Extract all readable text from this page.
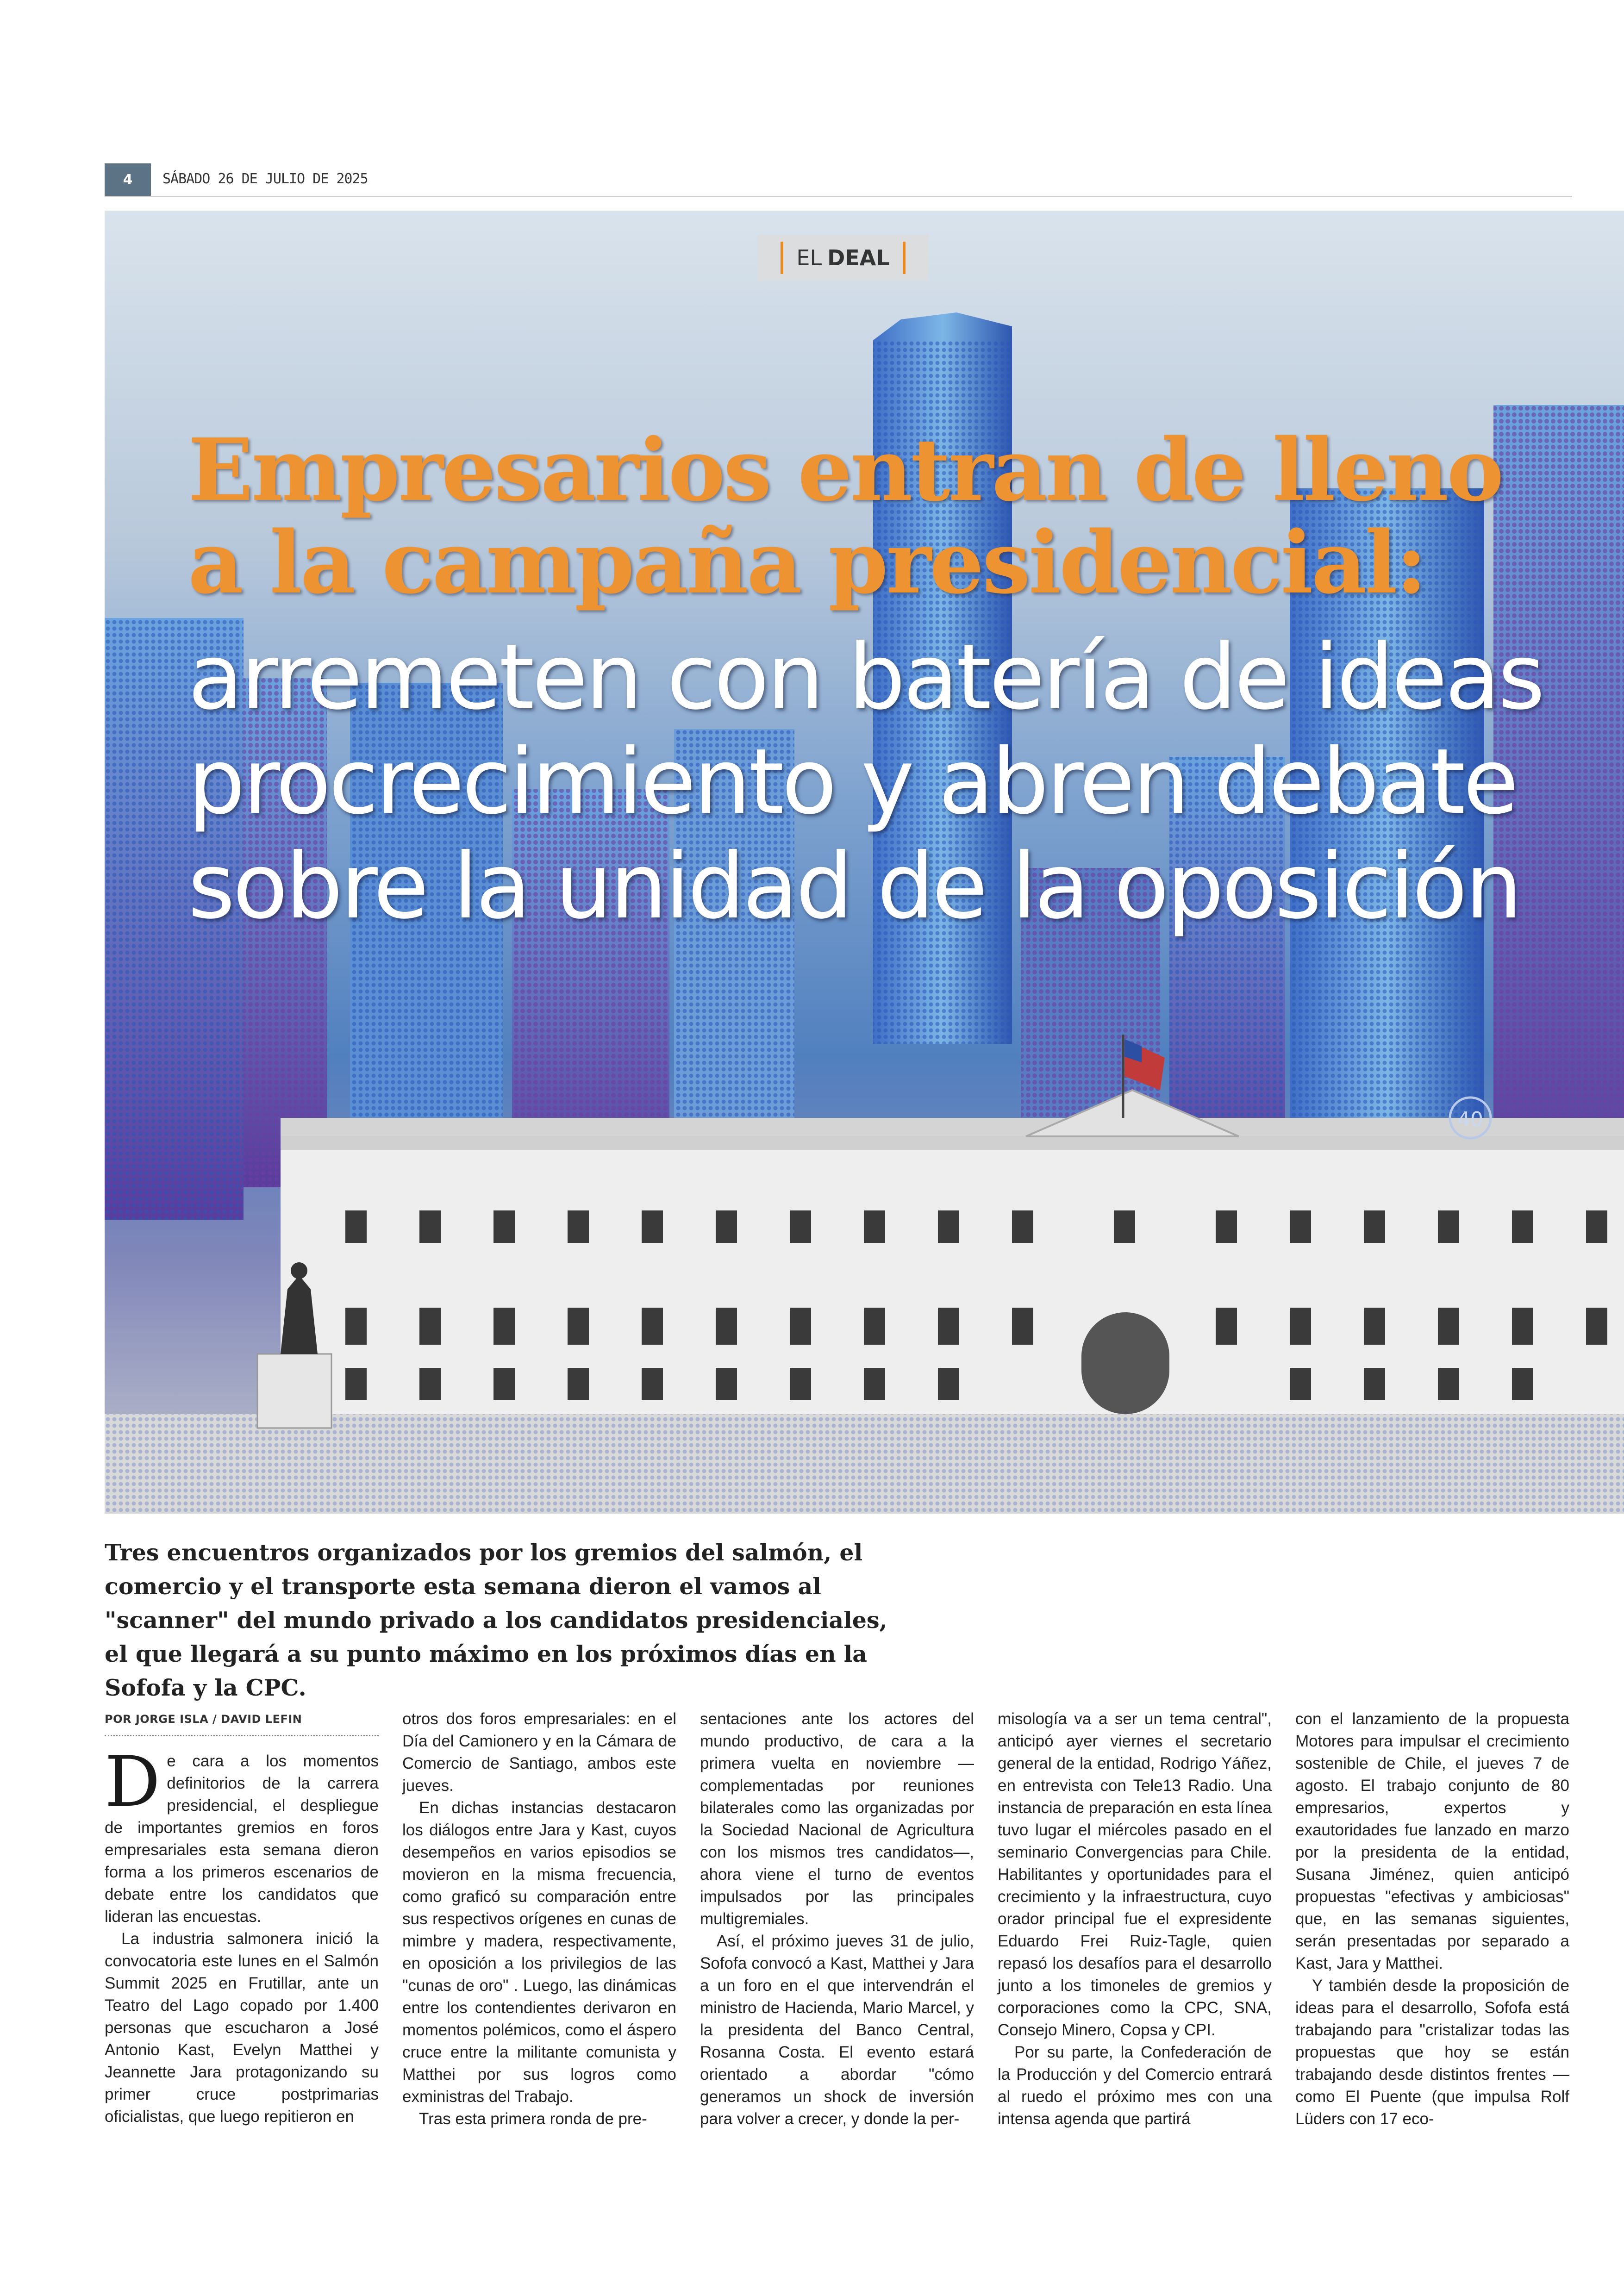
4	SÁBADO 26 DE JULIO DE 2025
40
EL DEAL
Empresarios entran de lleno
a la campaña presidencial:
arremeten con batería de ideas
procrecimiento y abren debate
sobre la unidad de la oposición
Tres encuentros organizados por los gremios del salmón, el comercio y el transporte esta semana dieron el vamos al "scanner" del mundo privado a los candidatos presidenciales, el que llegará a su punto máximo en los próximos días en la Sofofa y la CPC.
POR JORGE ISLA / DAVID LEFIN

De cara a los momentos definitorios de la carrera presidencial, el despliegue de importantes gremios en foros empresariales esta semana dieron forma a los primeros escenarios de debate entre los candidatos que lideran las encuestas.

La industria salmonera inició la convocatoria este lunes en el Salmón Summit 2025 en Frutillar, ante un Teatro del Lago copado por 1.400 personas que escucharon a José Antonio Kast, Evelyn Matthei y Jeannette Jara protagonizando su primer cruce postprimarias oficialistas, que luego repitieron en

otros dos foros empresariales: en el Día del Camionero y en la Cámara de Comercio de Santiago, ambos este jueves.

En dichas instancias destacaron los diálogos entre Jara y Kast, cuyos desempeños en varios episodios se movieron en la misma frecuencia, como graficó su comparación entre sus respectivos orígenes en cunas de mimbre y madera, respectivamente, en oposición a los privilegios de las "cunas de oro" . Luego, las dinámicas entre los contendientes derivaron en momentos polémicos, como el áspero cruce entre la militante comunista y Matthei por sus logros como exministras del Trabajo.

Tras esta primera ronda de pre-

sentaciones ante los actores del mundo productivo, de cara a la primera vuelta en noviembre — complementadas por reuniones bilaterales como las organizadas por la Sociedad Nacional de Agricultura con los mismos tres candidatos—, ahora viene el turno de eventos impulsados por las principales multigremiales.

Así, el próximo jueves 31 de julio, Sofofa convocó a Kast, Matthei y Jara a un foro en el que intervendrán el ministro de Hacienda, Mario Marcel, y la presidenta del Banco Central, Rosanna Costa. El evento estará orientado a abordar "cómo generamos un shock de inversión para volver a crecer, y donde la per-

misología va a ser un tema central", anticipó ayer viernes el secretario general de la entidad, Rodrigo Yáñez, en entrevista con Tele13 Radio. Una instancia de preparación en esta línea tuvo lugar el miércoles pasado en el seminario Convergencias para Chile. Habilitantes y oportunidades para el crecimiento y la infraestructura, cuyo orador principal fue el expresidente Eduardo Frei Ruiz-Tagle, quien repasó los desafíos para el desarrollo junto a los timoneles de gremios y corporaciones como la CPC, SNA, Consejo Minero, Copsa y CPI.

Por su parte, la Confederación de la Producción y del Comercio entrará al ruedo el próximo mes con una intensa agenda que partirá

con el lanzamiento de la propuesta Motores para impulsar el crecimiento sostenible de Chile, el jueves 7 de agosto. El trabajo conjunto de 80 empresarios, expertos y exautoridades fue lanzado en marzo por la presidenta de la entidad, Susana Jiménez, quien anticipó propuestas "efectivas y ambiciosas" que, en las semanas siguientes, serán presentadas por separado a Kast, Jara y Matthei.

Y también desde la proposición de ideas para el desarrollo, Sofofa está trabajando para "cristalizar todas las propuestas que hoy se están trabajando desde distintos frentes —como El Puente (que impulsa Rolf Lüders con 17 eco-
